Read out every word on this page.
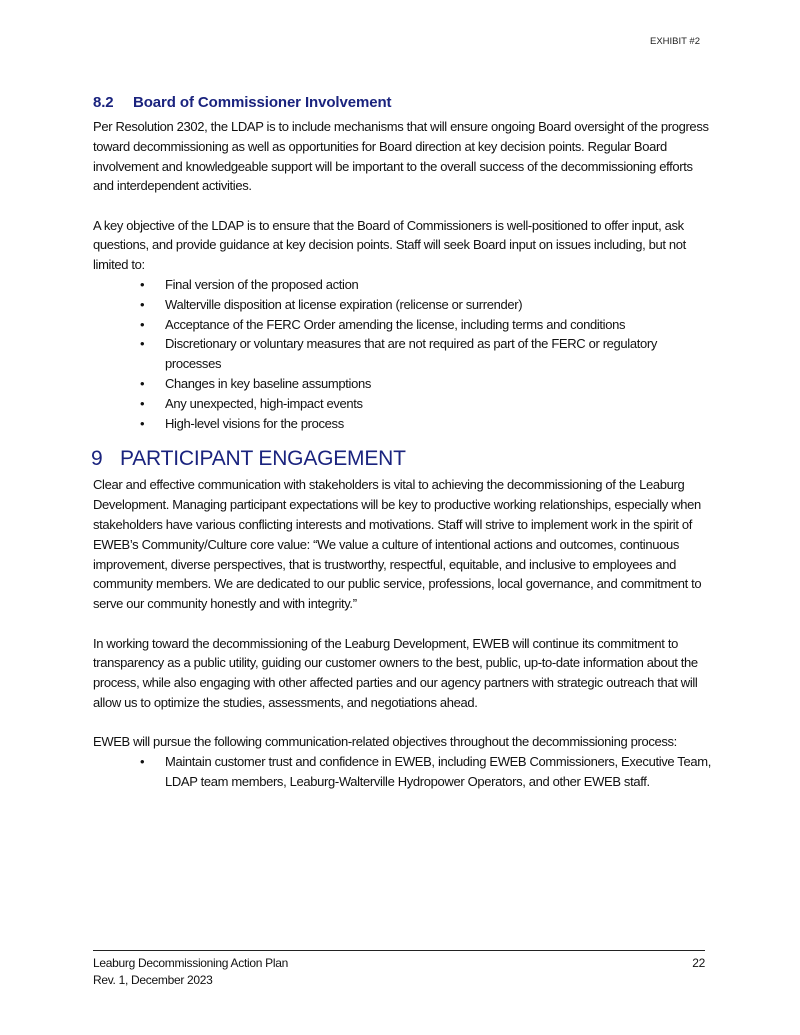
EXHIBIT #2
8.2 Board of Commissioner Involvement

Per Resolution 2302, the LDAP is to include mechanisms that will ensure ongoing Board oversight of the progress toward decommissioning as well as opportunities for Board direction at key decision points. Regular Board involvement and knowledgeable support will be important to the overall success of the decommissioning efforts and interdependent activities.

A key objective of the LDAP is to ensure that the Board of Commissioners is well-positioned to offer input, ask questions, and provide guidance at key decision points. Staff will seek Board input on issues including, but not limited to:

• Final version of the proposed action
• Walterville disposition at license expiration (relicense or surrender)
• Acceptance of the FERC Order amending the license, including terms and conditions
• Discretionary or voluntary measures that are not required as part of the FERC or regulatory processes
• Changes in key baseline assumptions
• Any unexpected, high-impact events
• High-level visions for the process
9 PARTICIPANT ENGAGEMENT

Clear and effective communication with stakeholders is vital to achieving the decommissioning of the Leaburg Development. Managing participant expectations will be key to productive working relationships, especially when stakeholders have various conflicting interests and motivations. Staff will strive to implement work in the spirit of EWEB’s Community/Culture core value: “We value a culture of intentional actions and outcomes, continuous improvement, diverse perspectives, that is trustworthy, respectful, equitable, and inclusive to employees and community members. We are dedicated to our public service, professions, local governance, and commitment to serve our community honestly and with integrity.”

In working toward the decommissioning of the Leaburg Development, EWEB will continue its commitment to transparency as a public utility, guiding our customer owners to the best, public, up-to-date information about the process, while also engaging with other affected parties and our agency partners with strategic outreach that will allow us to optimize the studies, assessments, and negotiations ahead.

EWEB will pursue the following communication-related objectives throughout the decommissioning process:

• Maintain customer trust and confidence in EWEB, including EWEB Commissioners, Executive Team, LDAP team members, Leaburg-Walterville Hydropower Operators, and other EWEB staff.
Leaburg Decommissioning Action Plan
Rev. 1, December 2023
22
